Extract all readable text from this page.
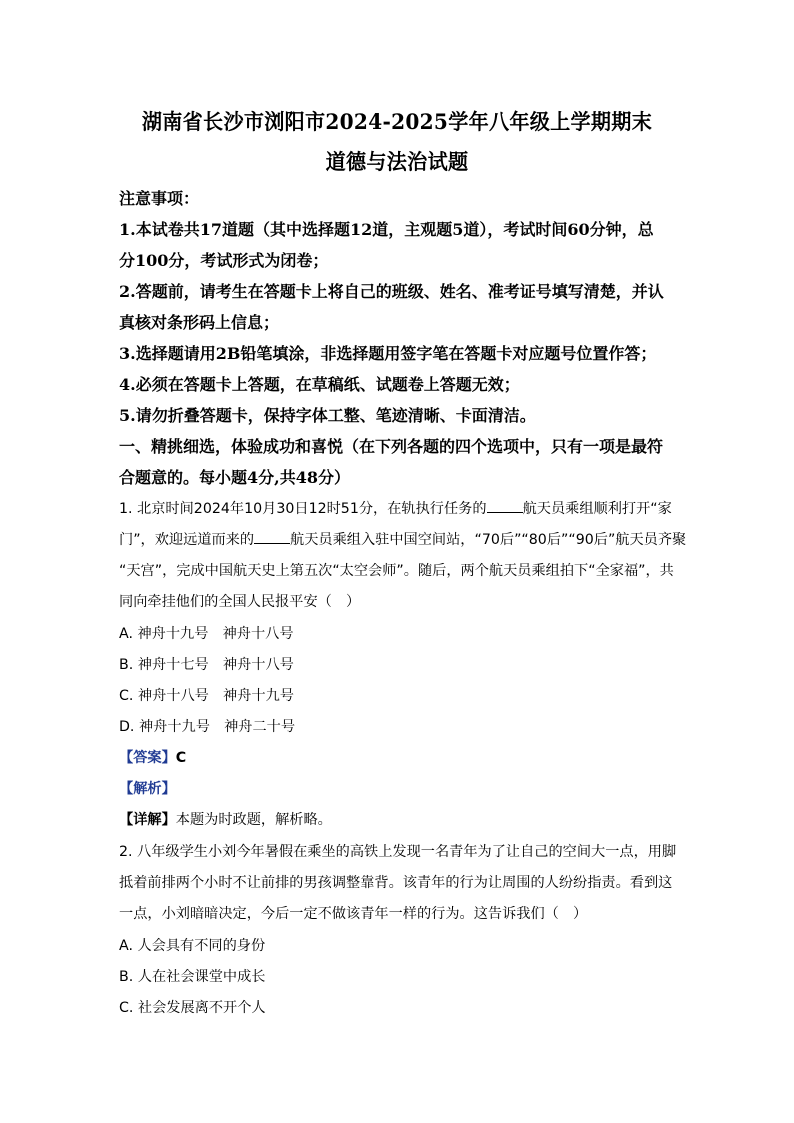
湖南省长沙市浏阳市2024-2025学年八年级上学期期末
道德与法治试题
注意事项：
1.本试卷共17道题（其中选择题12道，主观题5道），考试时间60分钟，总
分100分，考试形式为闭卷；
2.答题前，请考生在答题卡上将自己的班级、姓名、准考证号填写清楚，并认
真核对条形码上信息；
3.选择题请用2B铅笔填涂，非选择题用签字笔在答题卡对应题号位置作答；
4.必须在答题卡上答题，在草稿纸、试题卷上答题无效；
5.请勿折叠答题卡，保持字体工整、笔迹清晰、卡面清洁。
一、精挑细选，体验成功和喜悦（在下列各题的四个选项中，只有一项是最符
合题意的。每小题4分,共48分）
1. 北京时间2024年10月30日12时51分，在轨执行任务的	航天员乘组顺利打开“家
门”，欢迎远道而来的	航天员乘组入驻中国空间站，“70后”“80后”“90后”航天员齐聚
“天宫”，完成中国航天史上第五次“太空会师”。随后，两个航天员乘组拍下“全家福”，共
同向牵挂他们的全国人民报平安（　）
A. 神舟十九号　神舟十八号
B. 神舟十七号　神舟十八号
C. 神舟十八号　神舟十九号
D. 神舟十九号　神舟二十号
【答案】C
【解析】
【详解】本题为时政题，解析略。
2. 八年级学生小刘今年暑假在乘坐的高铁上发现一名青年为了让自己的空间大一点，用脚
抵着前排两个小时不让前排的男孩调整靠背。该青年的行为让周围的人纷纷指责。看到这
一点，小刘暗暗决定，今后一定不做该青年一样的行为。这告诉我们（　）
A. 人会具有不同的身份
B. 人在社会课堂中成长
C. 社会发展离不开个人
